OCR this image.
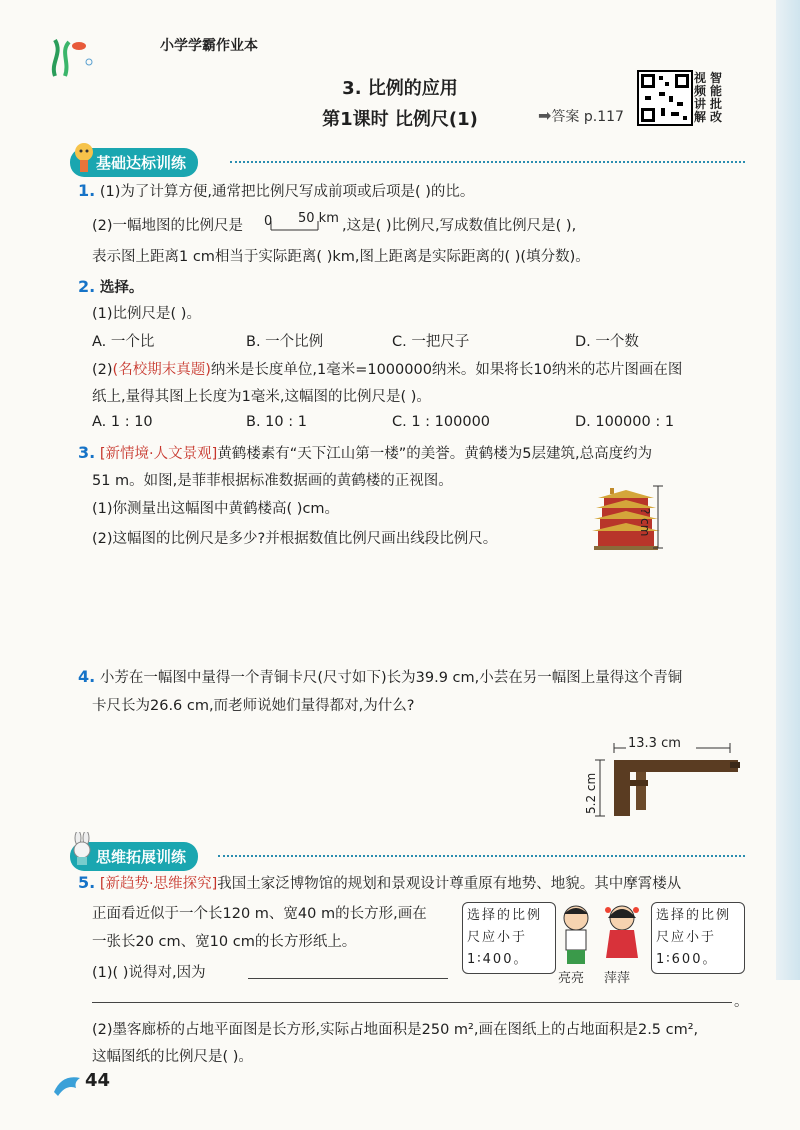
小学学霸作业本
3. 比例的应用
第1课时 比例尺(1)	➡答案 p.117
视
频
讲
解
智
能
批
改
基础达标训练
1. (1)为了计算方便,通常把比例尺写成前项或后项是( )的比。
(2)一幅地图的比例尺是 0 50 km ,这是( )比例尺,写成数值比例尺是( ),
表示图上距离1 cm相当于实际距离( )km,图上距离是实际距离的( )(填分数)。
2. 选择。
(1)比例尺是( )。
A. 一个比	B. 一个比例	C. 一把尺子	D. 一个数
(2)(名校期末真题)纳米是长度单位,1毫米=1000000纳米。如果将长10纳米的芯片图画在图
纸上,量得其图上长度为1毫米,这幅图的比例尺是( )。
A. 1 : 10	B. 10 : 1	C. 1 : 100000	D. 100000 : 1
3. [新情境·人文景观]黄鹤楼素有“天下江山第一楼”的美誉。黄鹤楼为5层建筑,总高度约为
51 m。如图,是菲菲根据标准数据画的黄鹤楼的正视图。
(1)你测量出这幅图中黄鹤楼高( )cm。
(2)这幅图的比例尺是多少?并根据数值比例尺画出线段比例尺。
? cm
4. 小芳在一幅图中量得一个青铜卡尺(尺寸如下)长为39.9 cm,小芸在另一幅图上量得这个青铜
卡尺长为26.6 cm,而老师说她们量得都对,为什么?
13.3 cm
5.2 cm
思维拓展训练
5. [新趋势·思维探究]我国土家泛博物馆的规划和景观设计尊重原有地势、地貌。其中摩霄楼从
正面看近似于一个长120 m、宽40 m的长方形,画在
一张长20 cm、宽10 cm的长方形纸上。
(1)( )说得对,因为
选择的比例尺应小于1∶400。
亮亮 萍萍
选择的比例尺应小于1∶600。
。
(2)墨客廊桥的占地平面图是长方形,实际占地面积是250 m²,画在图纸上的占地面积是2.5 cm²,
这幅图纸的比例尺是( )。
44
